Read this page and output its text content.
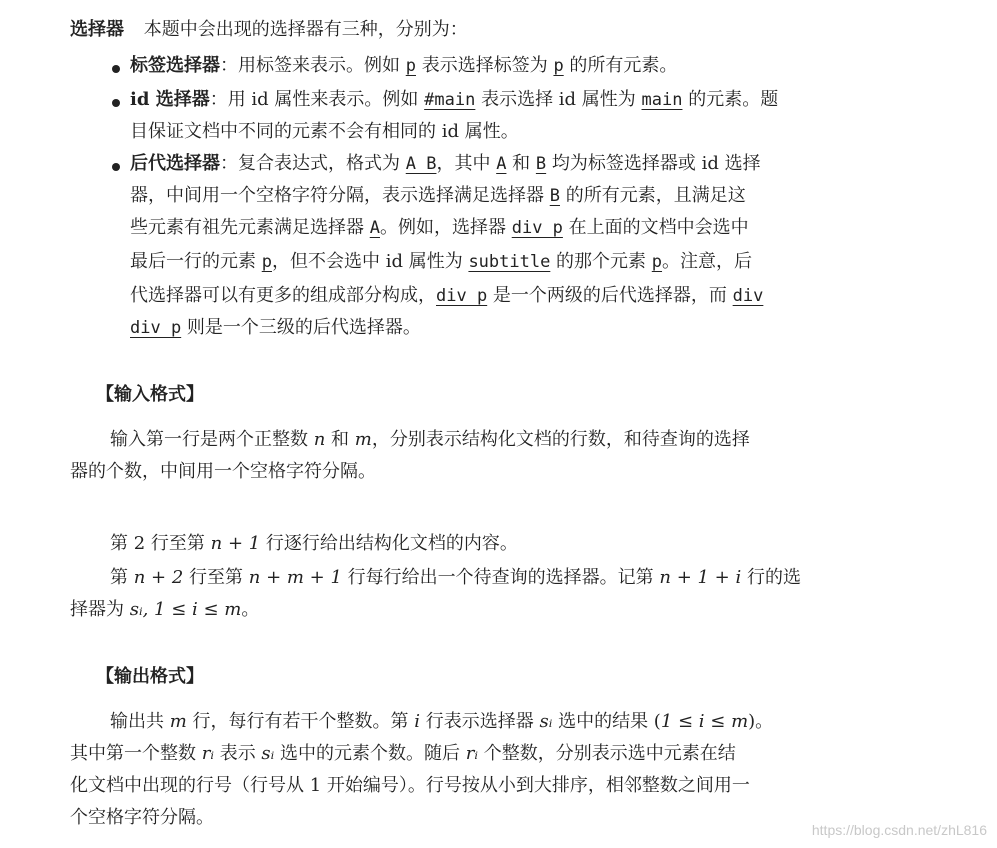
选择器 本题中会出现的选择器有三种，分别为：
标签选择器：用标签来表示。例如 p 表示选择标签为 p 的所有元素。
id 选择器：用 id 属性来表示。例如 #main 表示选择 id 属性为 main 的元素。题
目保证文档中不同的元素不会有相同的 id 属性。
后代选择器：复合表达式，格式为 A B，其中 A 和 B 均为标签选择器或 id 选择
器，中间用一个空格字符分隔，表示选择满足选择器 B 的所有元素，且满足这
些元素有祖先元素满足选择器 A。例如，选择器 div p 在上面的文档中会选中
最后一行的元素 p，但不会选中 id 属性为 subtitle 的那个元素 p。注意，后
代选择器可以有更多的组成部分构成，div p 是一个两级的后代选择器，而 div
div p 则是一个三级的后代选择器。
【输入格式】
输入第一行是两个正整数 n 和 m，分别表示结构化文档的行数，和待查询的选择
器的个数，中间用一个空格字符分隔。
第 2 行至第 n + 1 行逐行给出结构化文档的内容。
第 n + 2 行至第 n + m + 1 行每行给出一个待查询的选择器。记第 n + 1 + i 行的选
择器为 sᵢ, 1 ≤ i ≤ m。
【输出格式】
输出共 m 行，每行有若干个整数。第 i 行表示选择器 sᵢ 选中的结果 (1 ≤ i ≤ m)。
其中第一个整数 rᵢ 表示 sᵢ 选中的元素个数。随后 rᵢ 个整数，分别表示选中元素在结
化文档中出现的行号（行号从 1 开始编号）。行号按从小到大排序，相邻整数之间用一
个空格字符分隔。
https://blog.csdn.net/zhL816
